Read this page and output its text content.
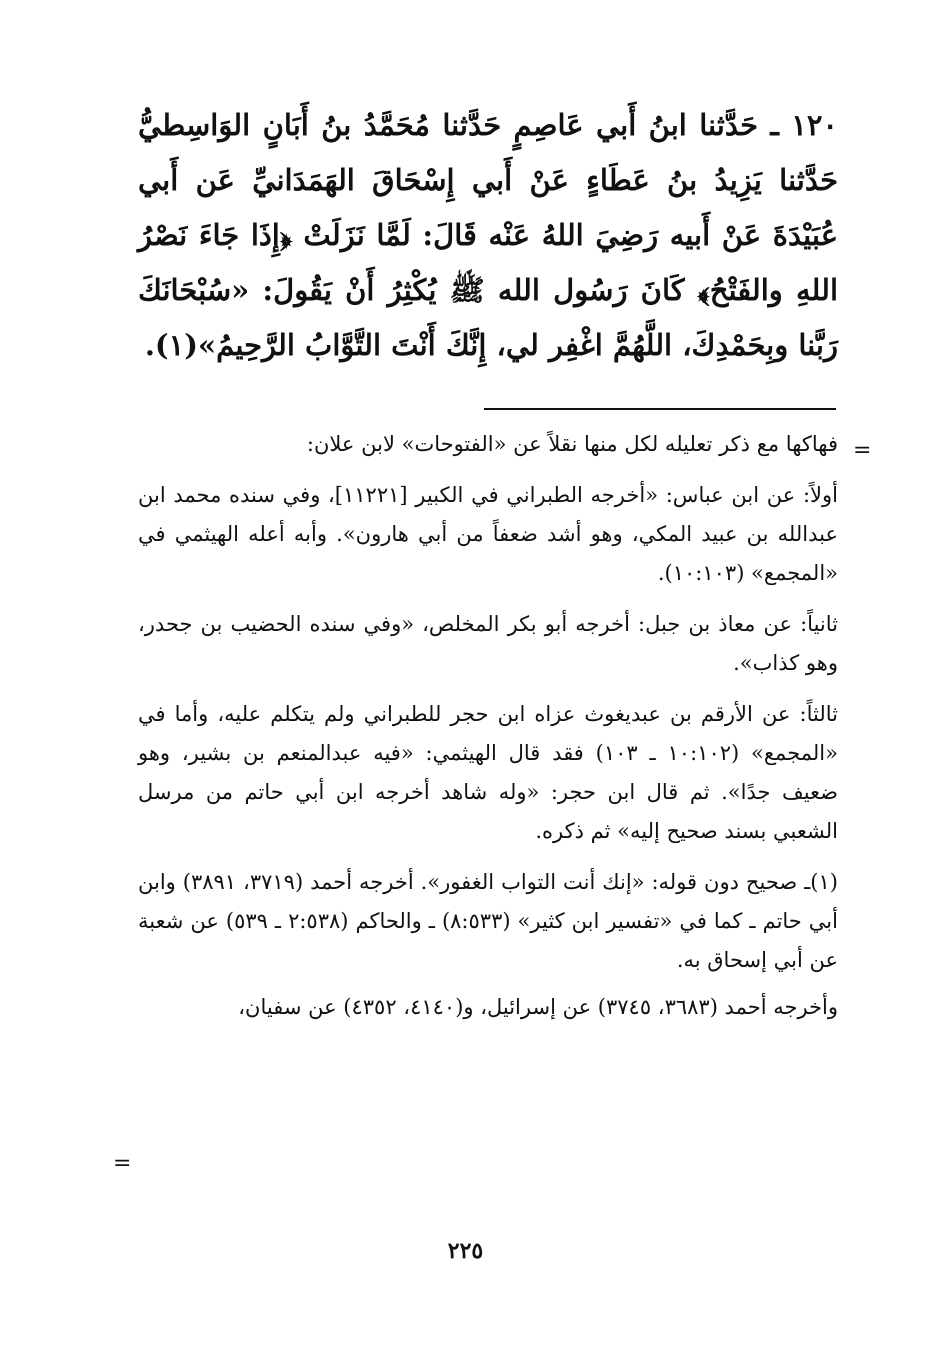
١٢٠ ـ حَدَّثنا ابنُ أَبي عَاصِمٍ حَدَّثنا مُحَمَّدُ بنُ أَبَانٍ الوَاسِطيُّ حَدَّثنا يَزِيدُ بنُ عَطَاءٍ عَنْ أَبي إِسْحَاقَ الهَمَدَانيِّ عَن أَبي عُبَيْدَةَ عَنْ أَبيه رَضِيَ اللهُ عَنْه قَالَ: لَمَّا نَزَلَتْ ﴿إِذَا جَاءَ نَصْرُ اللهِ والفَتْحُ﴾ كَانَ رَسُول الله ﷺ يُكْثِرُ أَنْ يَقُولَ: «سُبْحَانَكَ رَبَّنا وبِحَمْدِكَ، اللَّهُمَّ اغْفِر لي، إِنَّكَ أَنْتَ التَّوَّابُ الرَّحِيمُ»(١).

=

فهاكها مع ذكر تعليله لكل منها نقلاً عن «الفتوحات» لابن علان:

أولاً: عن ابن عباس: «أخرجه الطبراني في الكبير [١١٢٢١]، وفي سنده محمد ابن عبدالله بن عبيد المكي، وهو أشد ضعفاً من أبي هارون». وأبه أعله الهيثمي في «المجمع» (١٠:١٠٣).

ثانياً: عن معاذ بن جبل: أخرجه أبو بكر المخلص، «وفي سنده الحضيب بن جحدر، وهو كذاب».

ثالثاً: عن الأرقم بن عبديغوث عزاه ابن حجر للطبراني ولم يتكلم عليه، وأما في «المجمع» (١٠:١٠٢ ـ ١٠٣) فقد قال الهيثمي: «فيه عبدالمنعم بن بشير، وهو ضعيف جدًا». ثم قال ابن حجر: «وله شاهد أخرجه ابن أبي حاتم من مرسل الشعبي بسند صحيح إليه» ثم ذكره.

(١)ـ صحيح دون قوله: «إنك أنت التواب الغفور». أخرجه أحمد (٣٧١٩، ٣٨٩١) وابن أبي حاتم ـ كما في «تفسير ابن كثير» (٨:٥٣٣) ـ والحاكم (٢:٥٣٨ ـ ٥٣٩) عن شعبة عن أبي إسحاق به.

وأخرجه أحمد (٣٦٨٣، ٣٧٤٥) عن إسرائيل، و(٤١٤٠، ٤٣٥٢) عن سفيان،

=
٢٢٥
